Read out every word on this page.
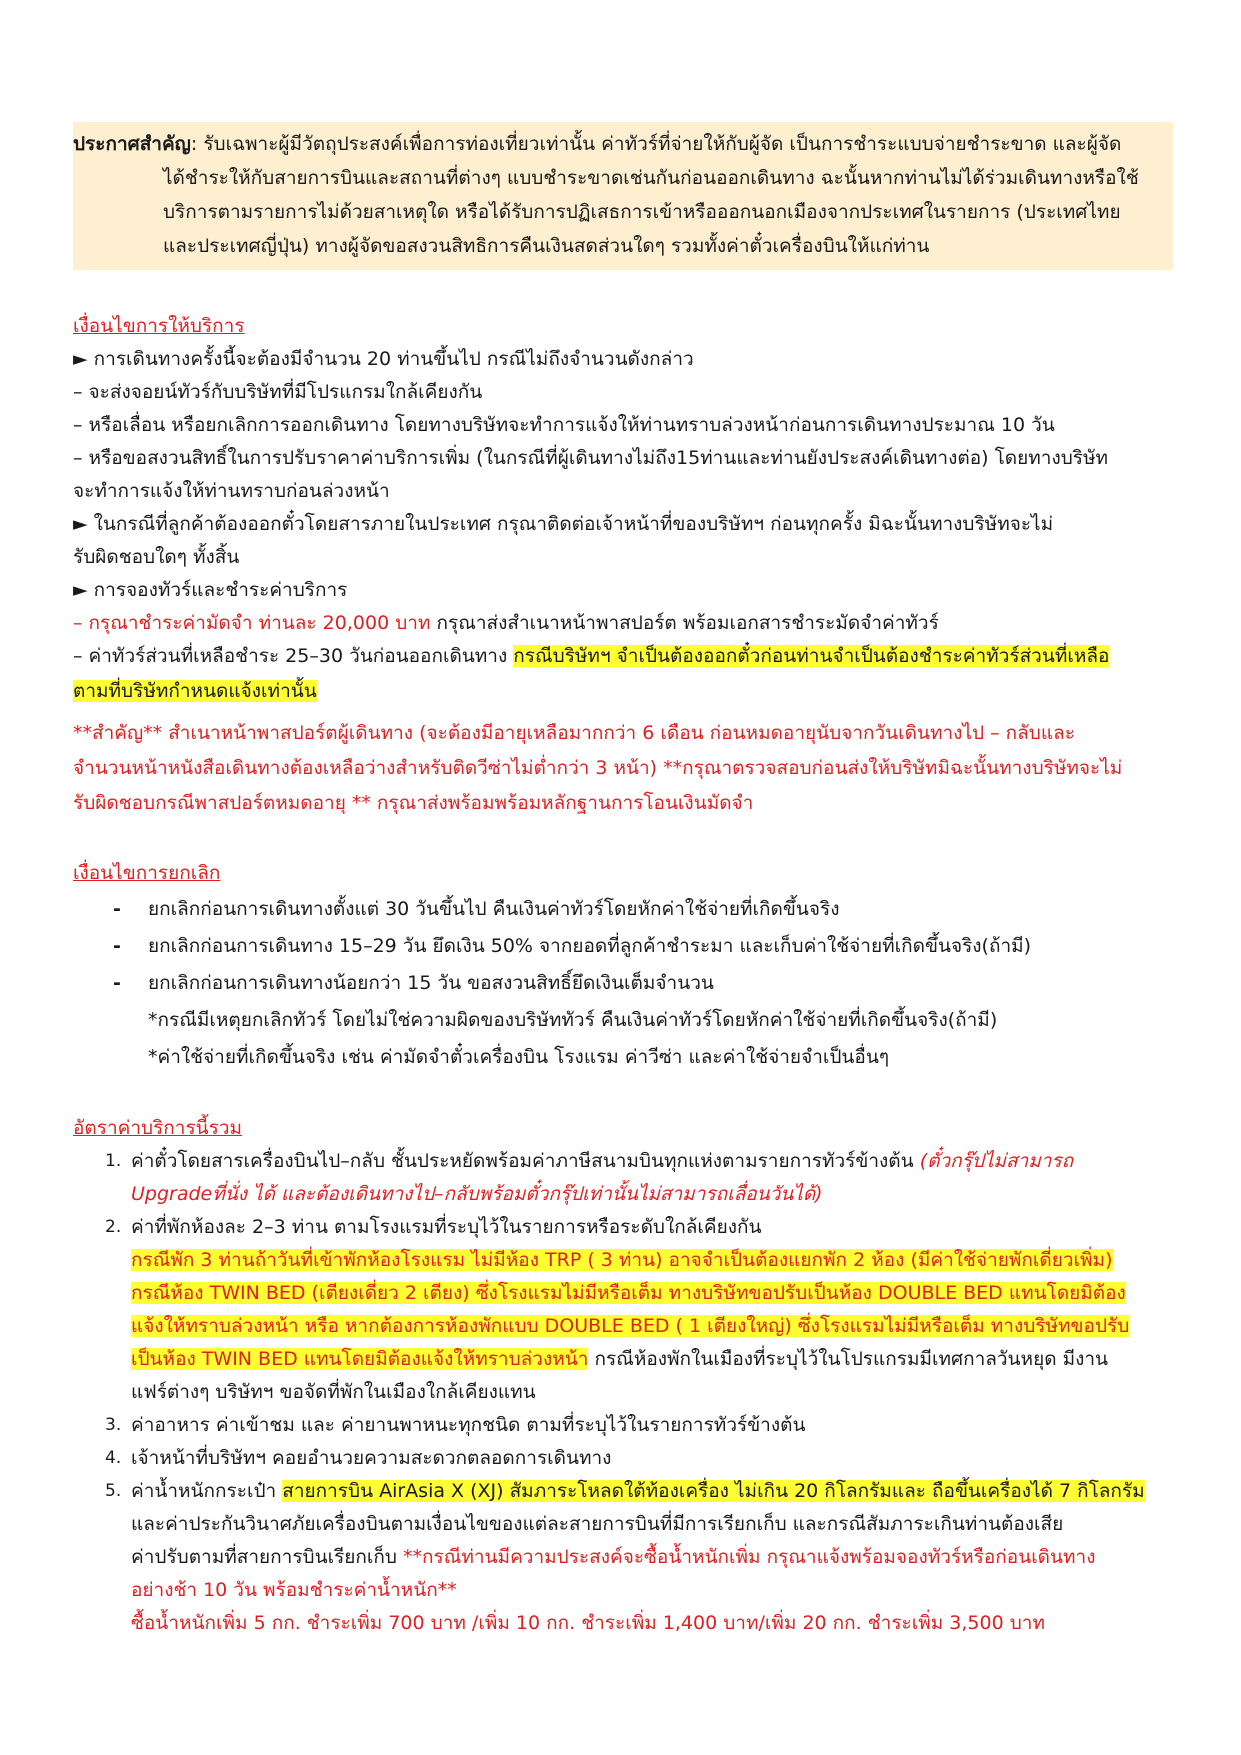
ประกาศสำคัญ: รับเฉพาะผู้มีวัตถุประสงค์เพื่อการท่องเที่ยวเท่านั้น ค่าทัวร์ที่จ่ายให้กับผู้จัด เป็นการชำระแบบจ่ายชำระขาด และผู้จัด
ได้ชำระให้กับสายการบินและสถานที่ต่างๆ แบบชำระขาดเช่นกันก่อนออกเดินทาง ฉะนั้นหากท่านไม่ได้ร่วมเดินทางหรือใช้
บริการตามรายการไม่ด้วยสาเหตุใด หรือได้รับการปฏิเสธการเข้าหรือออกนอกเมืองจากประเทศในรายการ (ประเทศไทย
และประเทศญี่ปุ่น) ทางผู้จัดขอสงวนสิทธิการคืนเงินสดส่วนใดๆ รวมทั้งค่าตั๋วเครื่องบินให้แก่ท่าน
เงื่อนไขการให้บริการ
► การเดินทางครั้งนี้จะต้องมีจำนวน 20 ท่านขึ้นไป กรณีไม่ถึงจำนวนดังกล่าว
– จะส่งจอยน์ทัวร์กับบริษัทที่มีโปรแกรมใกล้เคียงกัน
– หรือเลื่อน หรือยกเลิกการออกเดินทาง โดยทางบริษัทจะทำการแจ้งให้ท่านทราบล่วงหน้าก่อนการเดินทางประมาณ 10 วัน
– หรือขอสงวนสิทธิ์ในการปรับราคาค่าบริการเพิ่ม (ในกรณีที่ผู้เดินทางไม่ถึง15ท่านและท่านยังประสงค์เดินทางต่อ) โดยทางบริษัท
จะทำการแจ้งให้ท่านทราบก่อนล่วงหน้า
► ในกรณีที่ลูกค้าต้องออกตั๋วโดยสารภายในประเทศ กรุณาติดต่อเจ้าหน้าที่ของบริษัทฯ ก่อนทุกครั้ง มิฉะนั้นทางบริษัทจะไม่
รับผิดชอบใดๆ ทั้งสิ้น
► การจองทัวร์และชำระค่าบริการ
– กรุณาชำระค่ามัดจำ ท่านละ 20,000 บาท กรุณาส่งสำเนาหน้าพาสปอร์ต พร้อมเอกสารชำระมัดจำค่าทัวร์
– ค่าทัวร์ส่วนที่เหลือชำระ 25–30 วันก่อนออกเดินทาง กรณีบริษัทฯ จำเป็นต้องออกตั๋วก่อนท่านจำเป็นต้องชำระค่าทัวร์ส่วนที่เหลือ
ตามที่บริษัทกำหนดแจ้งเท่านั้น
**สำคัญ** สำเนาหน้าพาสปอร์ตผู้เดินทาง (จะต้องมีอายุเหลือมากกว่า 6 เดือน ก่อนหมดอายุนับจากวันเดินทางไป – กลับและ
จำนวนหน้าหนังสือเดินทางต้องเหลือว่างสำหรับติดวีซ่าไม่ต่ำกว่า 3 หน้า) **กรุณาตรวจสอบก่อนส่งให้บริษัทมิฉะนั้นทางบริษัทจะไม่
รับผิดชอบกรณีพาสปอร์ตหมดอายุ ** กรุณาส่งพร้อมพร้อมหลักฐานการโอนเงินมัดจำ
เงื่อนไขการยกเลิก
- ยกเลิกก่อนการเดินทางตั้งแต่ 30 วันขึ้นไป คืนเงินค่าทัวร์โดยหักค่าใช้จ่ายที่เกิดขึ้นจริง
- ยกเลิกก่อนการเดินทาง 15–29 วัน ยึดเงิน 50% จากยอดที่ลูกค้าชำระมา และเก็บค่าใช้จ่ายที่เกิดขึ้นจริง(ถ้ามี)
- ยกเลิกก่อนการเดินทางน้อยกว่า 15 วัน ขอสงวนสิทธิ์ยึดเงินเต็มจำนวน
*กรณีมีเหตุยกเลิกทัวร์ โดยไม่ใช่ความผิดของบริษัททัวร์ คืนเงินค่าทัวร์โดยหักค่าใช้จ่ายที่เกิดขึ้นจริง(ถ้ามี)
*ค่าใช้จ่ายที่เกิดขึ้นจริง เช่น ค่ามัดจำตั๋วเครื่องบิน โรงแรม ค่าวีซ่า และค่าใช้จ่ายจำเป็นอื่นๆ
อัตราค่าบริการนี้รวม
1. ค่าตั๋วโดยสารเครื่องบินไป–กลับ ชั้นประหยัดพร้อมค่าภาษีสนามบินทุกแห่งตามรายการทัวร์ข้างต้น (ตั๋วกรุ๊ปไม่สามารถ
Upgradeที่นั่ง ได้ และต้องเดินทางไป–กลับพร้อมตั๋วกรุ๊ปเท่านั้นไม่สามารถเลื่อนวันได้)
2. ค่าที่พักห้องละ 2–3 ท่าน ตามโรงแรมที่ระบุไว้ในรายการหรือระดับใกล้เคียงกัน
กรณีพัก 3 ท่านถ้าวันที่เข้าพักห้องโรงแรม ไม่มีห้อง TRP ( 3 ท่าน) อาจจำเป็นต้องแยกพัก 2 ห้อง (มีค่าใช้จ่ายพักเดี่ยวเพิ่ม)
กรณีห้อง TWIN BED (เตียงเดี่ยว 2 เตียง) ซึ่งโรงแรมไม่มีหรือเต็ม ทางบริษัทขอปรับเป็นห้อง DOUBLE BED แทนโดยมิต้อง
แจ้งให้ทราบล่วงหน้า หรือ หากต้องการห้องพักแบบ DOUBLE BED ( 1 เตียงใหญ่) ซึ่งโรงแรมไม่มีหรือเต็ม ทางบริษัทขอปรับ
เป็นห้อง TWIN BED แทนโดยมิต้องแจ้งให้ทราบล่วงหน้า กรณีห้องพักในเมืองที่ระบุไว้ในโปรแกรมมีเทศกาลวันหยุด มีงาน
แฟร์ต่างๆ บริษัทฯ ขอจัดที่พักในเมืองใกล้เคียงแทน
3. ค่าอาหาร ค่าเข้าชม และ ค่ายานพาหนะทุกชนิด ตามที่ระบุไว้ในรายการทัวร์ข้างต้น
4. เจ้าหน้าที่บริษัทฯ คอยอำนวยความสะดวกตลอดการเดินทาง
5. ค่าน้ำหนักกระเป๋า สายการบิน AirAsia X (XJ) สัมภาระโหลดใต้ท้องเครื่อง ไม่เกิน 20 กิโลกรัมและ ถือขึ้นเครื่องได้ 7 กิโลกรัม
และค่าประกันวินาศภัยเครื่องบินตามเงื่อนไขของแต่ละสายการบินที่มีการเรียกเก็บ และกรณีสัมภาระเกินท่านต้องเสีย
ค่าปรับตามที่สายการบินเรียกเก็บ **กรณีท่านมีความประสงค์จะซื้อน้ำหนักเพิ่ม กรุณาแจ้งพร้อมจองทัวร์หรือก่อนเดินทาง
อย่างช้า 10 วัน พร้อมชำระค่าน้ำหนัก**
ซื้อน้ำหนักเพิ่ม 5 กก. ชำระเพิ่ม 700 บาท /เพิ่ม 10 กก. ชำระเพิ่ม 1,400 บาท/เพิ่ม 20 กก. ชำระเพิ่ม 3,500 บาท
